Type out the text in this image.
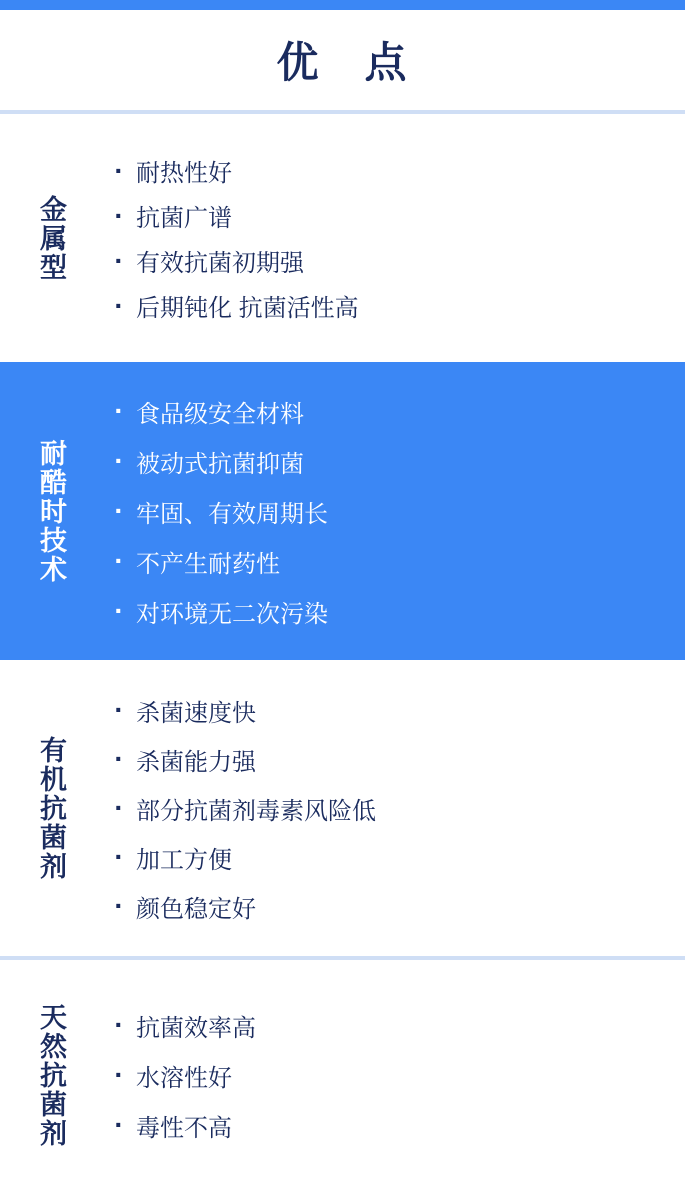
优　点
金属型
· 耐热性好
· 抗菌广谱
· 有效抗菌初期强
· 后期钝化 抗菌活性高
耐酷时技术
· 食品级安全材料
· 被动式抗菌抑菌
· 牢固、有效周期长
· 不产生耐药性
· 对环境无二次污染
有机抗菌剂
· 杀菌速度快
· 杀菌能力强
· 部分抗菌剂毒素风险低
· 加工方便
· 颜色稳定好
天然抗菌剂 · 抗菌效率高
· 水溶性好
· 毒性不高
